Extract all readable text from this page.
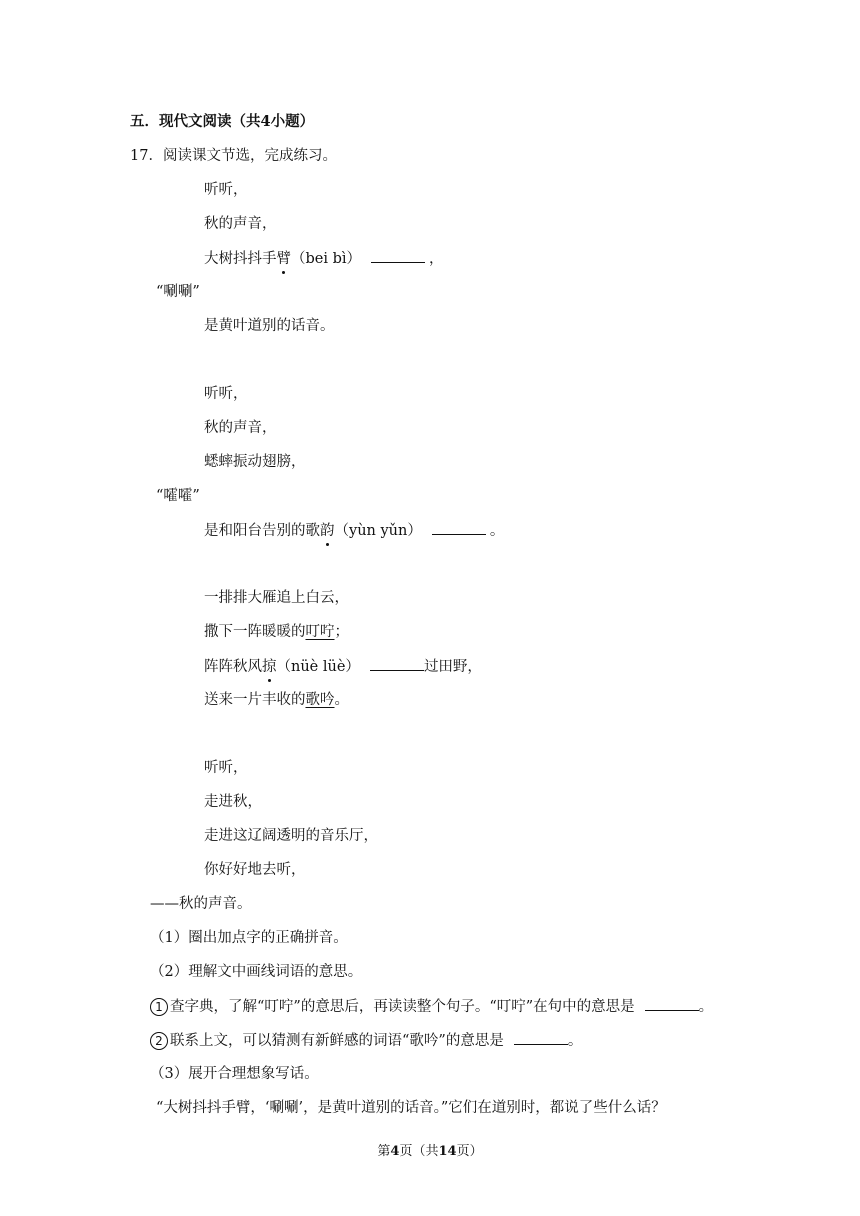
五．现代文阅读（共4小题）
17．阅读课文节选，完成练习。
听听，
秋的声音，
大树抖抖手臂（bei bì）	，
“唰唰”
是黄叶道别的话音。
听听，
秋的声音，
蟋蟀振动翅膀，
“嚯嚯”
是和阳台告别的歌韵（yùn yǔn）	。
一排排大雁追上白云，
撒下一阵暖暖的叮咛；
阵阵秋风掠（nüè lüè）	过田野，
送来一片丰收的歌吟。
听听，
走进秋，
走进这辽阔透明的音乐厅，
你好好地去听，
——秋的声音。
（1）圈出加点字的正确拼音。
（2）理解文中画线词语的意思。
1 查字典，了解“叮咛”的意思后，再读读整个句子。“叮咛”在句中的意思是	。
2 联系上文，可以猜测有新鲜感的词语“歌吟”的意思是	。
（3）展开合理想象写话。
“大树抖抖手臂，‘唰唰’，是黄叶道别的话音。”它们在道别时，都说了些什么话？
第4页（共14页）
